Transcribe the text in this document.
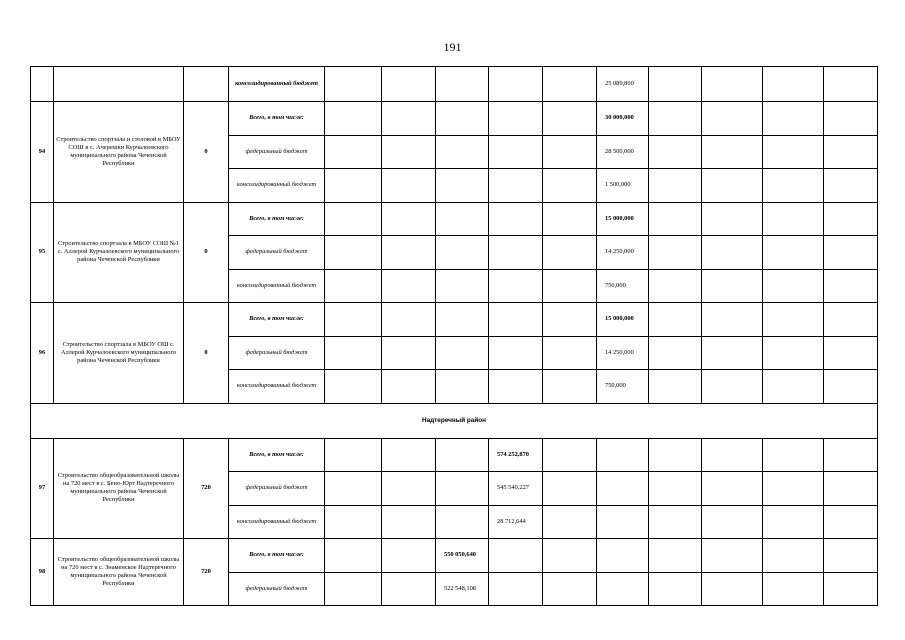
191
			консолидированный бюджет						25 089,800				
94	Строительство спортзала и столовой в МБОУ СОШ в с. Ачерешки Курчалоевского муниципального района Чеченской Республики	0	Всего, в том числе:						30 000,000				
			федеральный бюджет						28 500,000				
			консолидированный бюджет						1 500,000				
95	Строительство спортзала в МБОУ СОШ №1 с. Аллерой Курчалоевского муниципального района Чеченской Республики	0	Всего, в том числе:						15 000,000				
			федеральный бюджет						14 250,000				
			консолидированный бюджет						750,000				
96	Строительство спортзала в МБОУ ОШ с. Аллерой Курчалоевского муниципального района Чеченской Республики	0	Всего, в том числе:						15 000,000				
			федеральный бюджет						14 250,000				
			консолидированный бюджет						750,000				
Надтеречный район													
97	Строительство общеобразовательной школы на 720 мест в с. Бено-Юрт Надтеречного муниципального района Чеченской Республики	720	Всего, в том числе:				574 252,870						
			федеральный бюджет				545 540,227						
			консолидированный бюджет				28 712,644						
98	Строительство общеобразовательной школы на 720 мест в с. Знаменское Надтеречного муниципального района Чеченской Республики	720	Всего, в том числе:			550 050,640							
			федеральный бюджет			522 548,108							
